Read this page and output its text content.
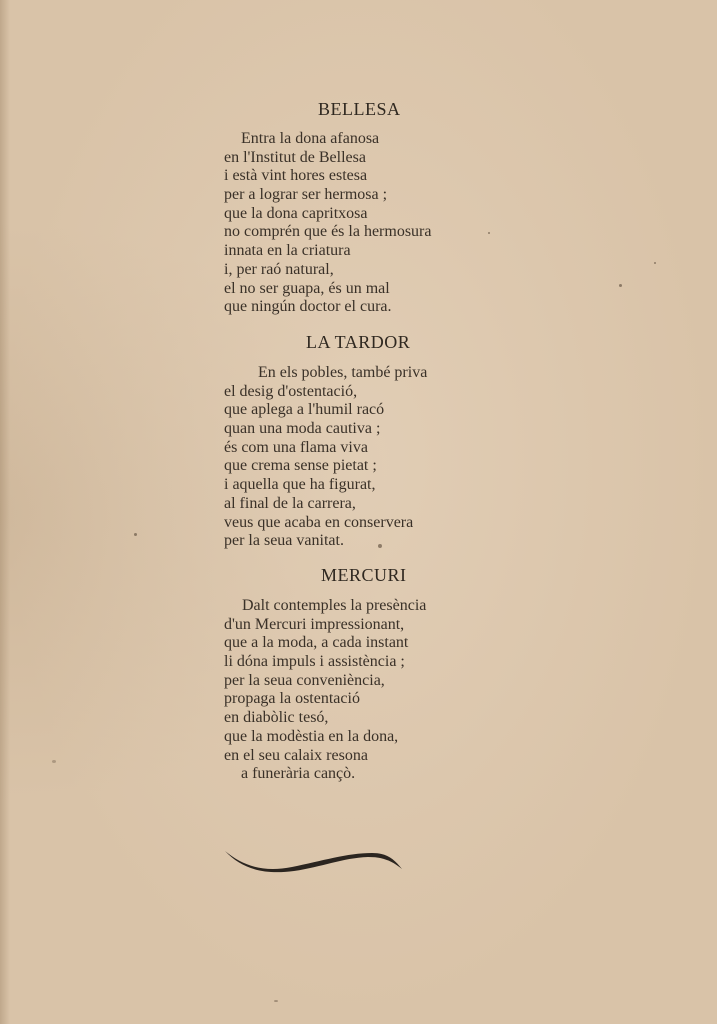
BELLESA
Entra la dona afanosa
en l'Institut de Bellesa
i està vint hores estesa
per a lograr ser hermosa ;
que la dona capritxosa
no comprén que és la hermosura
innata en la criatura
i, per raó natural,
el no ser guapa, és un mal
que ningún doctor el cura.
LA TARDOR
En els pobles, també priva
el desig d'ostentació,
que aplega a l'humil racó
quan una moda cautiva ;
és com una flama viva
que crema sense pietat ;
i aquella que ha figurat,
al final de la carrera,
veus que acaba en conservera
per la seua vanitat.
MERCURI
Dalt contemples la presència
d'un Mercuri impressionant,
que a la moda, a cada instant
li dóna impuls i assistència ;
per la seua conveniència,
propaga la ostentació
en diabòlic tesó,
que la modèstia en la dona,
en el seu calaix resona
a funerària cançò.
